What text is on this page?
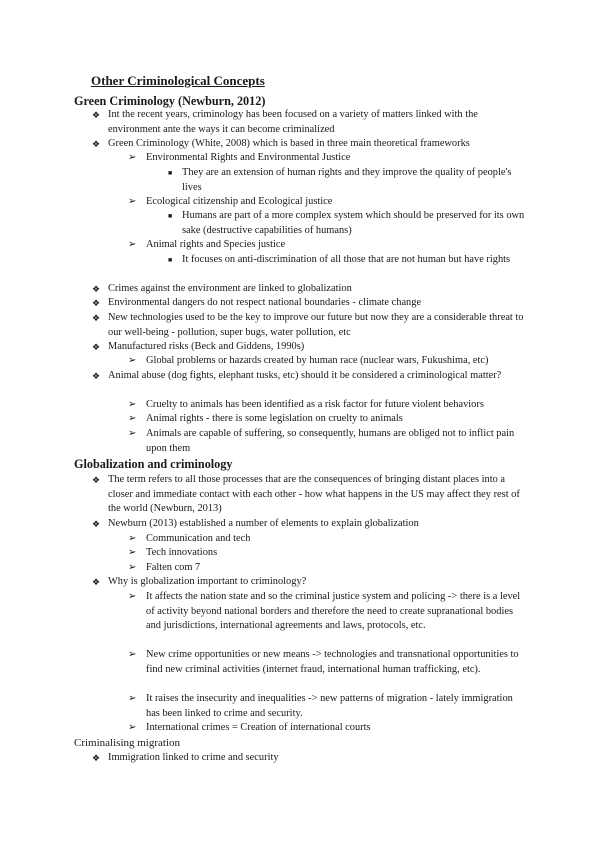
Other Criminological Concepts
Green Criminology (Newburn, 2012)
❖ Int the recent years, criminology has been focused on a variety of matters linked with the environment ante the ways it can become criminalized
❖ Green Criminology (White, 2008) which is based in three main theoretical frameworks
➢ Environmental Rights and Environmental Justice
■ They are an extension of human rights and they improve the quality of people's lives
➢ Ecological citizenship and Ecological justice
■ Humans are part of a more complex system which should be preserved for its own sake (destructive capabilities of humans)
➢ Animal rights and Species justice
■ It focuses on anti-discrimination of all those that are not human but have rights
❖ Crimes against the environment are linked to globalization
❖ Environmental dangers do not respect national boundaries - climate change
❖ New technologies used to be the key to improve our future but now they are a considerable threat to our well-being - pollution, super bugs, water pollution, etc
❖ Manufactured risks (Beck and Giddens, 1990s)
➢ Global problems or hazards created by human race (nuclear wars, Fukushima, etc)
❖ Animal abuse (dog fights, elephant tusks, etc) should it be considered a criminological matter?
➢ Cruelty to animals has been identified as a risk factor for future violent behaviors
➢ Animal rights - there is some legislation on cruelty to animals
➢ Animals are capable of suffering, so consequently, humans are obliged not to inflict pain upon them
Globalization and criminology
❖ The term refers to all those processes that are the consequences of bringing distant places into a closer and immediate contact with each other - how what happens in the US may affect they rest of the world (Newburn, 2013)
❖ Newburn (2013) established a number of elements to explain globalization
➢ Communication and tech
➢ Tech innovations
➢ Falten com 7
❖ Why is globalization important to criminology?
➢ It affects the nation state and so the criminal justice system and policing -> there is a level of activity beyond national borders and therefore the need to create supranational bodies and jurisdictions, international agreements and laws, protocols, etc.
➢ New crime opportunities or new means -> technologies and transnational opportunities to find new criminal activities (internet fraud, international human trafficking, etc).
➢ It raises the insecurity and inequalities -> new patterns of migration - lately immigration has been linked to crime and security.
➢ International crimes = Creation of international courts
Criminalising migration
❖ Immigration linked to crime and security
